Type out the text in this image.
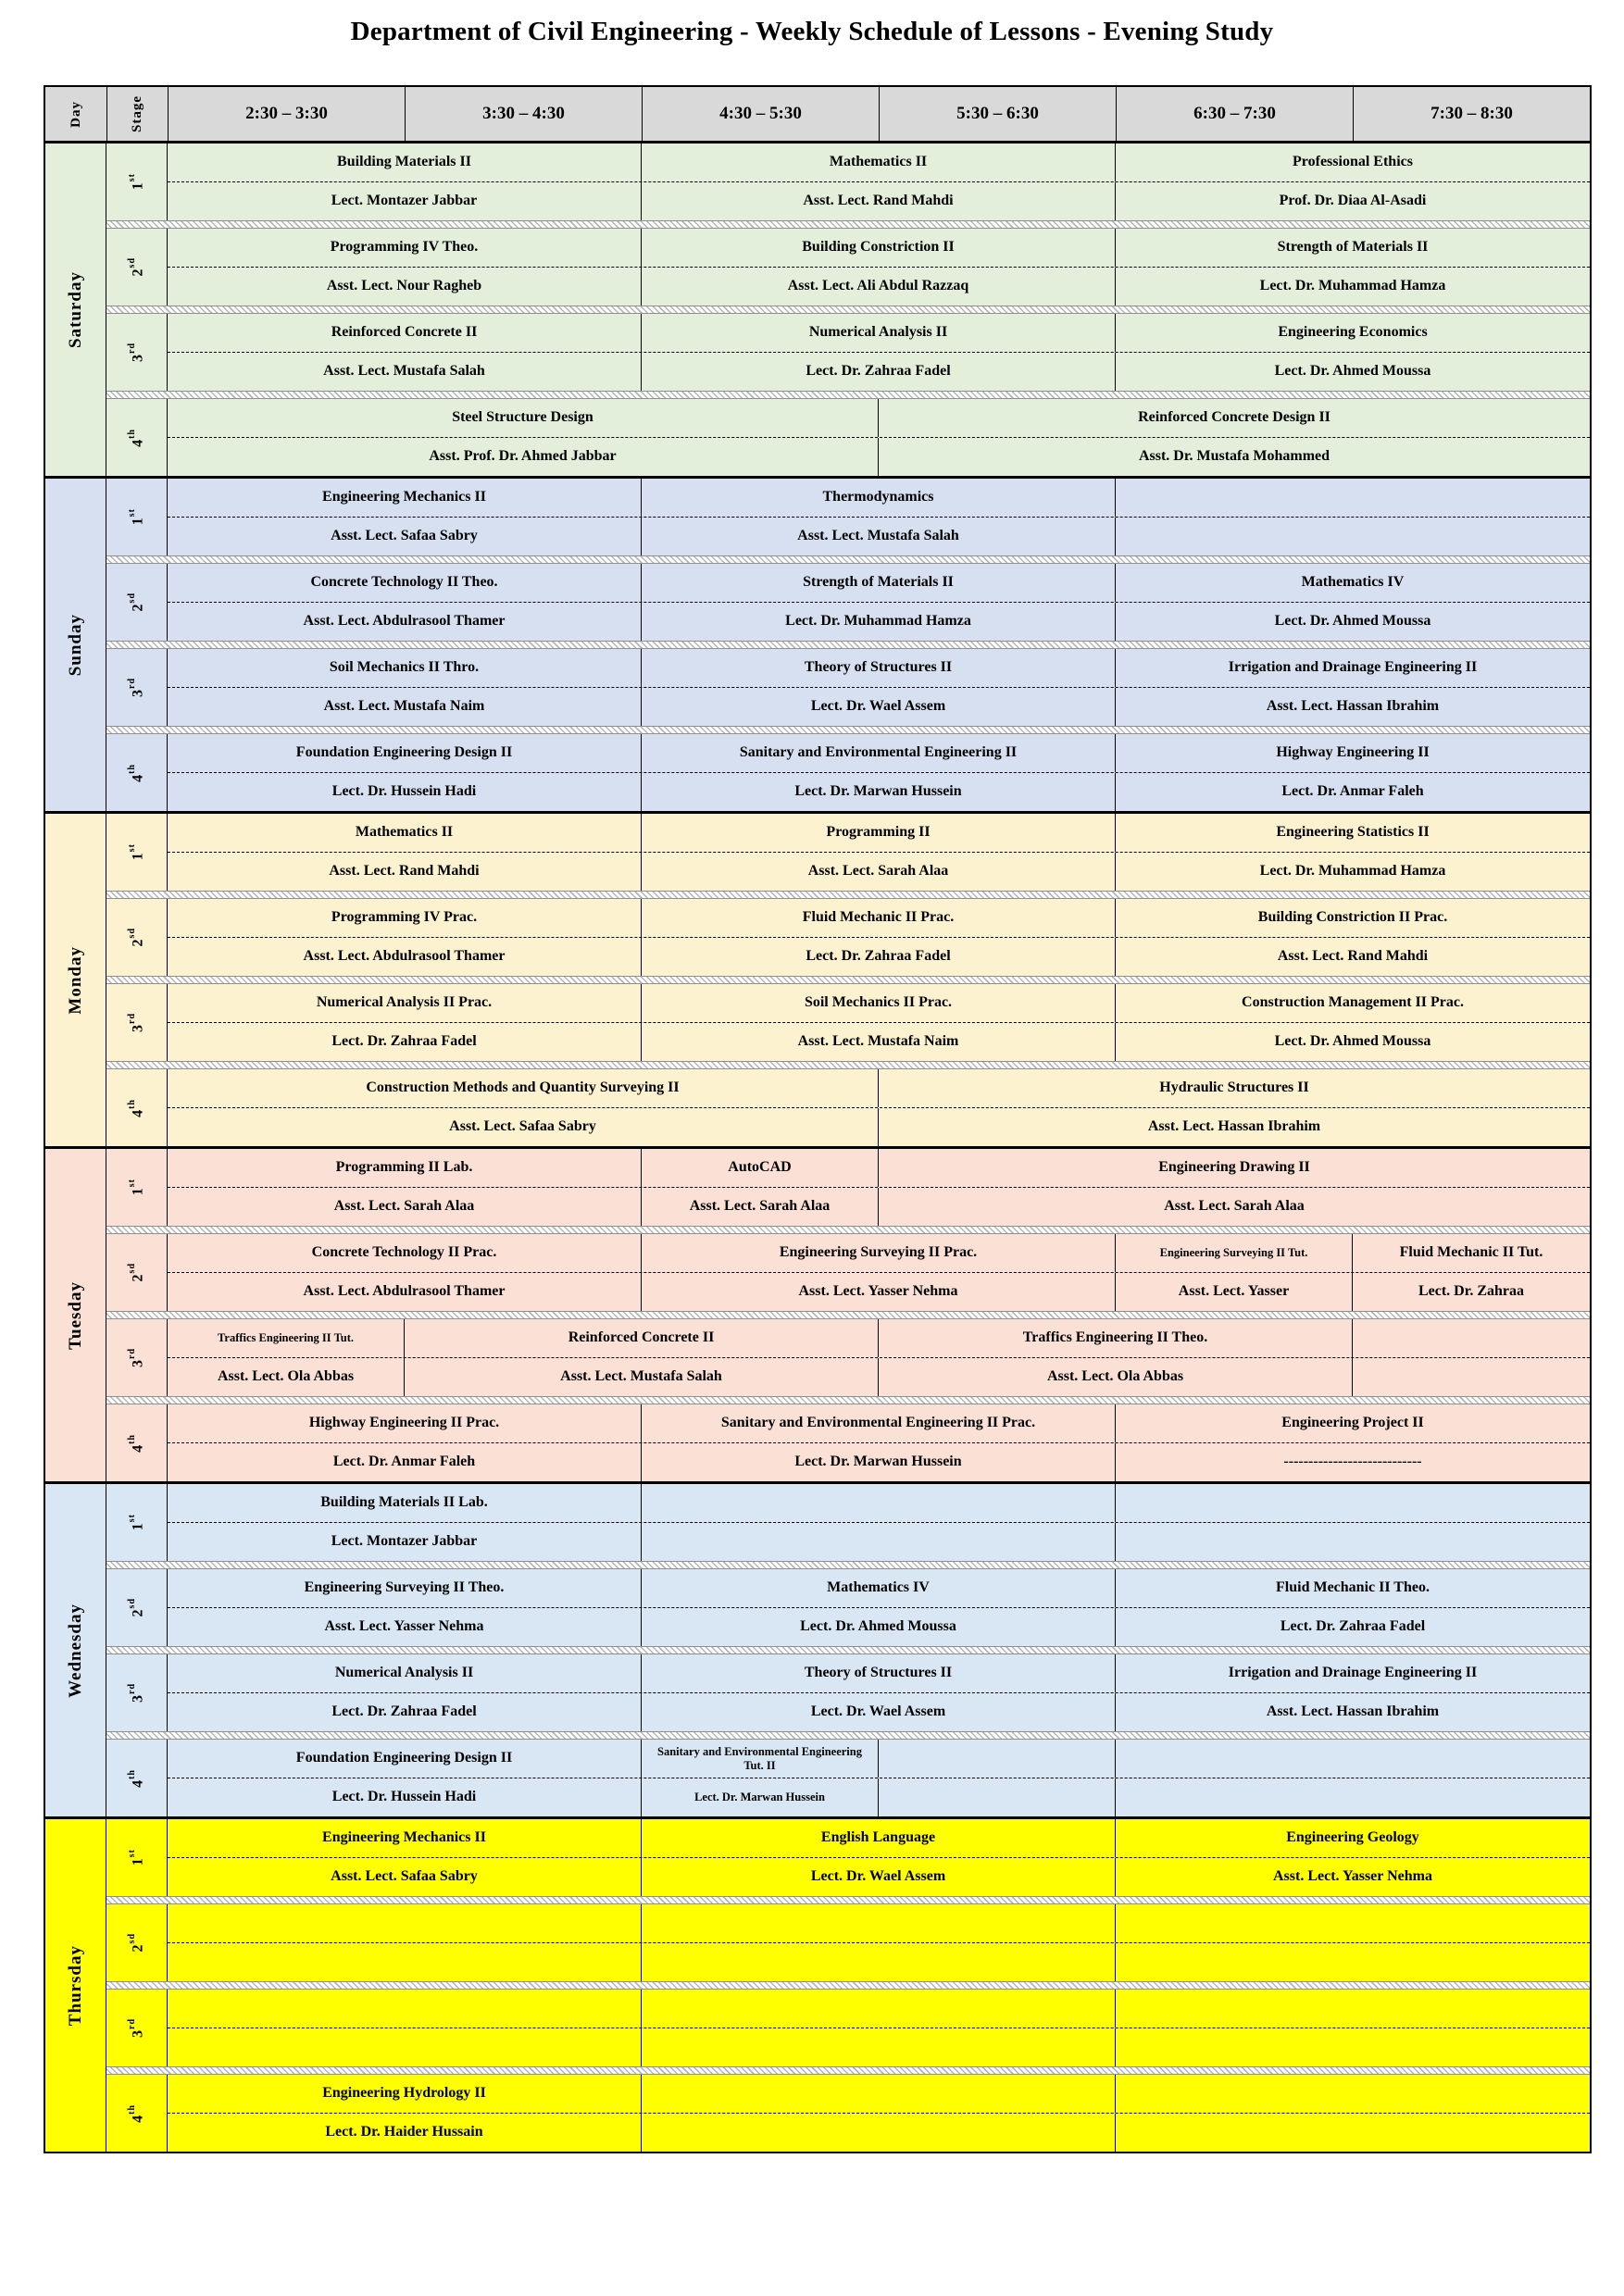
Department of Civil Engineering - Weekly Schedule of Lessons - Evening Study
Day	Stage	2:30 – 3:30	3:30 – 4:30	4:30 – 5:30	5:30 – 6:30	6:30 – 7:30	7:30 – 8:30
Saturday
1st
Building Materials II	Mathematics II	Professional Ethics
Lect. Montazer Jabbar	Asst. Lect. Rand Mahdi	Prof. Dr. Diaa Al-Asadi
$2^{sd}$
Programming IV Theo.	Building Constriction II	Strength of Materials II
Asst. Lect. Nour Ragheb	Asst. Lect. Ali Abdul Razzaq	Lect. Dr. Muhammad Hamza
3rd
Reinforced Concrete II	Numerical Analysis II	Engineering Economics
Asst. Lect. Mustafa Salah	Lect. Dr. Zahraa Fadel	Lect. Dr. Ahmed Moussa
4th
Steel Structure Design	Reinforced Concrete Design II
Asst. Prof. Dr. Ahmed Jabbar	Asst. Dr. Mustafa Mohammed
Sunday
1st
Engineering Mechanics II	Thermodynamics
Asst. Lect. Safaa Sabry	Asst. Lect. Mustafa Salah
$2^{sd}$
Concrete Technology II Theo.	Strength of Materials II	Mathematics IV
Asst. Lect. Abdulrasool Thamer	Lect. Dr. Muhammad Hamza	Lect. Dr. Ahmed Moussa
3rd
Soil Mechanics II Thro.	Theory of Structures II	Irrigation and Drainage Engineering II
Asst. Lect. Mustafa Naim	Lect. Dr. Wael Assem	Asst. Lect. Hassan Ibrahim
4th
Foundation Engineering Design II	Sanitary and Environmental Engineering II	Highway Engineering II
Lect. Dr. Hussein Hadi	Lect. Dr. Marwan Hussein	Lect. Dr. Anmar Faleh
Monday
1st
Mathematics II	Programming II	Engineering Statistics II
Asst. Lect. Rand Mahdi	Asst. Lect. Sarah Alaa	Lect. Dr. Muhammad Hamza
$2^{sd}$
Programming IV Prac.	Fluid Mechanic II Prac.	Building Constriction II Prac.
Asst. Lect. Abdulrasool Thamer	Lect. Dr. Zahraa Fadel	Asst. Lect. Rand Mahdi
3rd
Numerical Analysis II Prac.	Soil Mechanics II Prac.	Construction Management II Prac.
Lect. Dr. Zahraa Fadel	Asst. Lect. Mustafa Naim	Lect. Dr. Ahmed Moussa
4th
Construction Methods and Quantity Surveying II	Hydraulic Structures II
Asst. Lect. Safaa Sabry	Asst. Lect. Hassan Ibrahim
Tuesday
1st
Programming II Lab.	AutoCAD	Engineering Drawing II
Asst. Lect. Sarah Alaa	Asst. Lect. Sarah Alaa	Asst. Lect. Sarah Alaa
$2^{sd}$
Concrete Technology II Prac.	Engineering Surveying II Prac.	Engineering Surveying II Tut.	Fluid Mechanic II Tut.
Asst. Lect. Abdulrasool Thamer	Asst. Lect. Yasser Nehma	Asst. Lect. Yasser	Lect. Dr. Zahraa
3rd
Traffics Engineering II Tut.	Reinforced Concrete II	Traffics Engineering II Theo.
Asst. Lect. Ola Abbas	Asst. Lect. Mustafa Salah	Asst. Lect. Ola Abbas
4th
Highway Engineering II Prac.	Sanitary and Environmental Engineering II Prac.	Engineering Project II
Lect. Dr. Anmar Faleh	Lect. Dr. Marwan Hussein	----------------------------
Wednesday
1st
Building Materials II Lab.
Lect. Montazer Jabbar
$2^{sd}$
Engineering Surveying II Theo.	Mathematics IV	Fluid Mechanic II Theo.
Asst. Lect. Yasser Nehma	Lect. Dr. Ahmed Moussa	Lect. Dr. Zahraa Fadel
3rd
Numerical Analysis II	Theory of Structures II	Irrigation and Drainage Engineering II
Lect. Dr. Zahraa Fadel	Lect. Dr. Wael Assem	Asst. Lect. Hassan Ibrahim
4th
Foundation Engineering Design II	Sanitary and Environmental Engineering Tut. II
Lect. Dr. Hussein Hadi	Lect. Dr. Marwan Hussein
Thursday
1st
Engineering Mechanics II	English Language	Engineering Geology
Asst. Lect. Safaa Sabry	Lect. Dr. Wael Assem	Asst. Lect. Yasser Nehma
$2^{sd}$
3rd
4th
Engineering Hydrology II
Lect. Dr. Haider Hussain
